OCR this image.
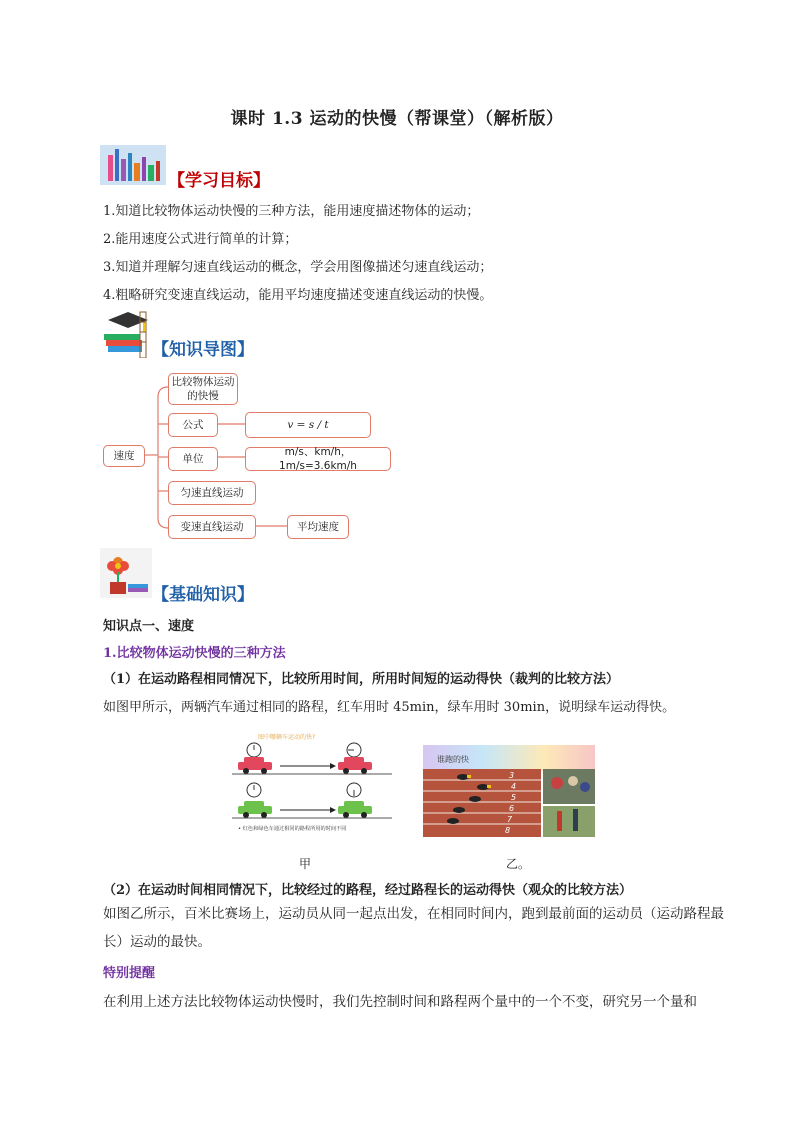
课时 1.3 运动的快慢（帮课堂）（解析版）
【学习目标】
1.知道比较物体运动快慢的三种方法，能用速度描述物体的运动；
2.能用速度公式进行简单的计算；
3.知道并理解匀速直线运动的概念，学会用图像描述匀速直线运动；
4.粗略研究变速直线运动，能用平均速度描述变速直线运动的快慢。
【知识导图】
速度
比较物体运动的快慢
公式	v = s / t
单位
m/s、km/h，1m/s=3.6km/h
匀速直线运动
变速直线运动	平均速度
【基础知识】
知识点一、速度
1.比较物体运动快慢的三种方法
（1）在运动路程相同情况下，比较所用时间，所用时间短的运动得快（裁判的比较方法）
如图甲所示，两辆汽车通过相同的路程，红车用时 45min，绿车用时 30min，说明绿车运动得快。
图中哪辆车运动的快?
• 红色和绿色车通过相同的路程所用的时间不同
谁跑的快
3
4
5
6
7
8
甲	乙。
（2）在运动时间相同情况下，比较经过的路程，经过路程长的运动得快（观众的比较方法）
如图乙所示，百米比赛场上，运动员从同一起点出发，在相同时间内，跑到最前面的运动员（运动路程最长）运动的最快。
特别提醒
在利用上述方法比较物体运动快慢时，我们先控制时间和路程两个量中的一个不变，研究另一个量和
